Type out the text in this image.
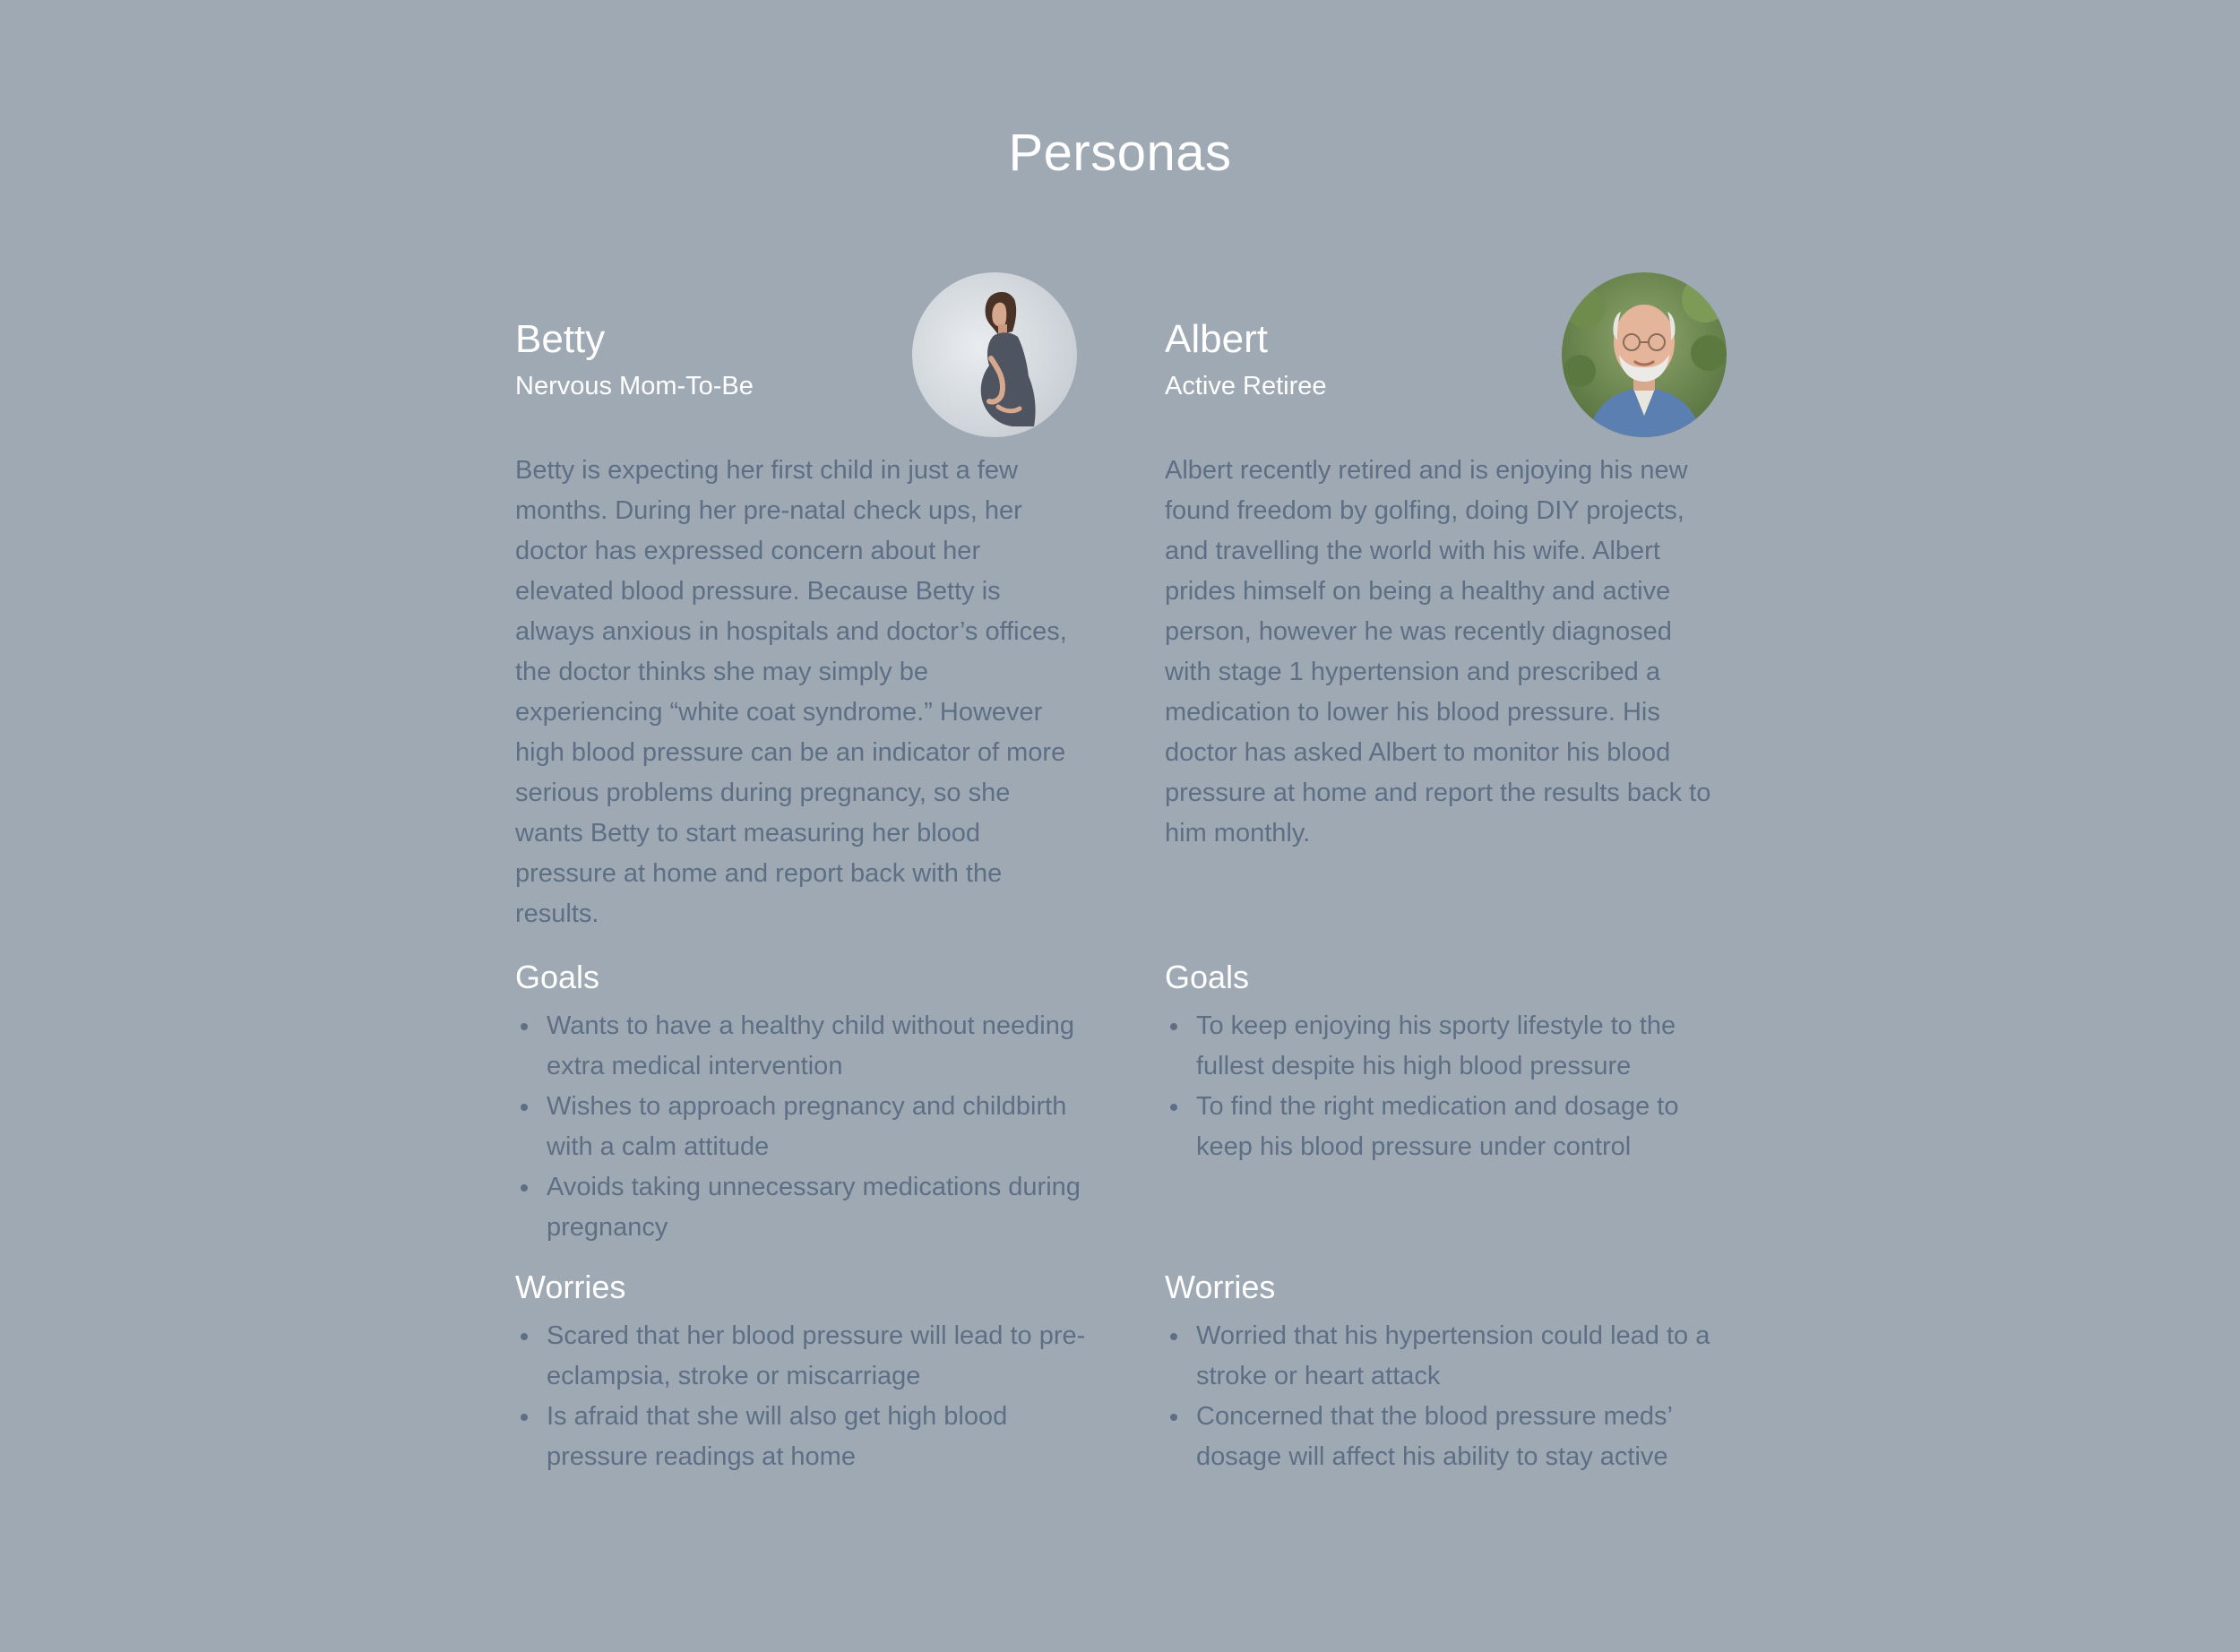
Personas
Betty

Nervous Mom-To-Be

Betty is expecting her first child in just a few months. During her pre-natal check ups, her doctor has expressed concern about her elevated blood pressure. Because Betty is always anxious in hospitals and doctor’s offices, the doctor thinks she may simply be experiencing “white coat syndrome.” However high blood pressure can be an indicator of more serious problems during pregnancy, so she wants Betty to start measuring her blood pressure at home and report back with the results.

Goals
Wants to have a healthy child without needing extra medical intervention
Wishes to approach pregnancy and childbirth with a calm attitude
Avoids taking unnecessary medications during pregnancy
Worries
Scared that her blood pressure will lead to pre-eclampsia, stroke or miscarriage
Is afraid that she will also get high blood pressure readings at home
Albert

Active Retiree

Albert recently retired and is enjoying his new found freedom by golfing, doing DIY projects, and travelling the world with his wife. Albert prides himself on being a healthy and active person, however he was recently diagnosed with stage 1 hypertension and prescribed a medication to lower his blood pressure. His doctor has asked Albert to monitor his blood pressure at home and report the results back to him monthly.

Goals
To keep enjoying his sporty lifestyle to the fullest despite his high blood pressure
To find the right medication and dosage to keep his blood pressure under control
Worries
Worried that his hypertension could lead to a stroke or heart attack
Concerned that the blood pressure meds’ dosage will affect his ability to stay active
